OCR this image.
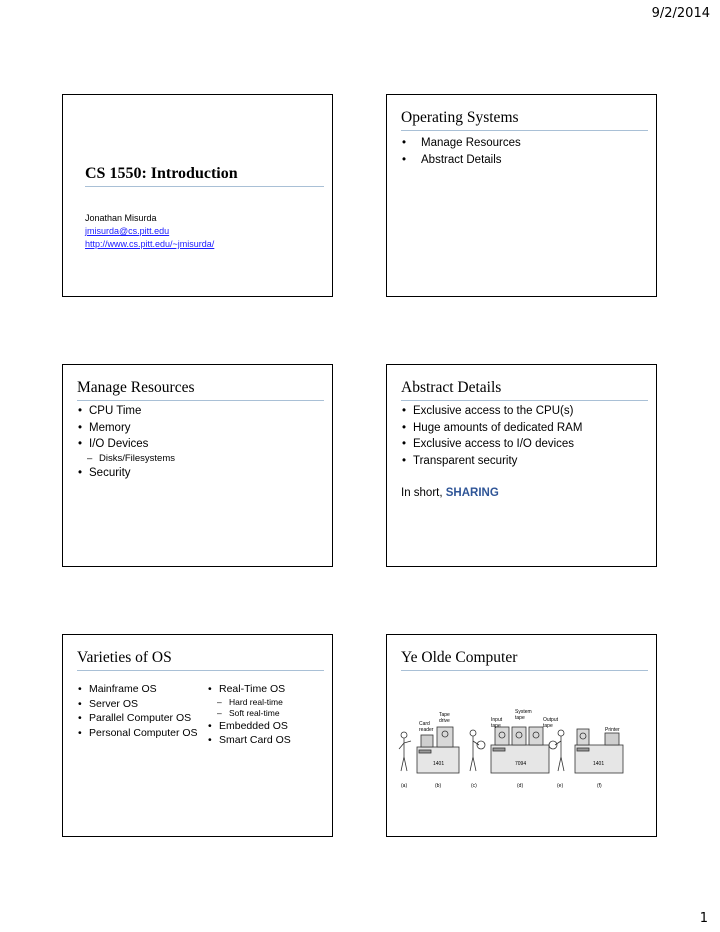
9/2/2014
CS 1550: Introduction
Jonathan Misurda
jmisurda@cs.pitt.edu
http://www.cs.pitt.edu/~jmisurda/
Operating Systems
• Manage Resources
• Abstract Details
Manage Resources
• CPU Time
• Memory
• I/O Devices
– Disks/Filesystems
• Security
Abstract Details
• Exclusive access to the CPU(s)
• Huge amounts of dedicated RAM
• Exclusive access to I/O devices
• Transparent security
In short, SHARING
Varieties of OS
• Mainframe OS
• Server OS
• Parallel Computer OS
• Personal Computer OS
• Real-Time OS
– Hard real-time
– Soft real-time
• Embedded OS
• Smart Card OS
Ye Olde Computer
Tape drive
Card reader
Input tape
System tape	Output tape
Printer
1401	7094	1401
(a)	(b)	(c)	(d)	(e)	(f)
1
